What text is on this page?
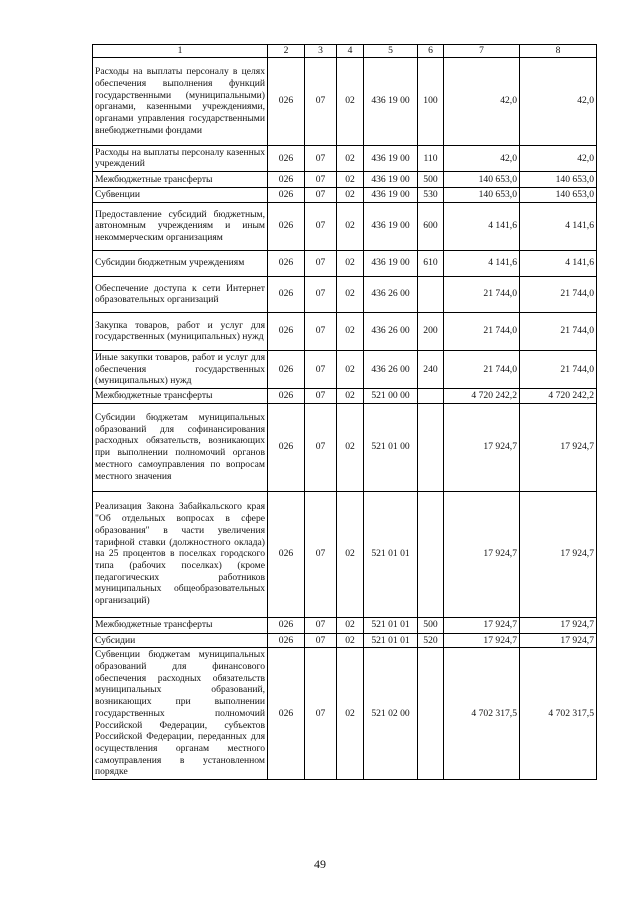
1	2	3	4	5	6	7	8
Расходы на выплаты персоналу в целях обеспечения выполнения функций государственными (муниципальными) органами, казенными учреждениями, органами управления государственными внебюджетными фондами	026	07	02	436 19 00	100	42,0	42,0
Расходы на выплаты персоналу казенных учреждений	026	07	02	436 19 00	110	42,0	42,0
Межбюджетные трансферты	026	07	02	436 19 00	500	140 653,0	140 653,0
Субвенции	026	07	02	436 19 00	530	140 653,0	140 653,0
Предоставление субсидий бюджетным, автономным учреждениям и иным некоммерческим организациям	026	07	02	436 19 00	600	4 141,6	4 141,6
Субсидии бюджетным учреждениям	026	07	02	436 19 00	610	4 141,6	4 141,6
Обеспечение доступа к сети Интернет образовательных организаций	026	07	02	436 26 00		21 744,0	21 744,0
Закупка товаров, работ и услуг для государственных (муниципальных) нужд	026	07	02	436 26 00	200	21 744,0	21 744,0
Иные закупки товаров, работ и услуг для обеспечения государственных (муниципальных) нужд	026	07	02	436 26 00	240	21 744,0	21 744,0
Межбюджетные трансферты	026	07	02	521 00 00		4 720 242,2	4 720 242,2
Субсидии бюджетам муниципальных образований для софинансирования расходных обязательств, возникающих при выполнении полномочий органов местного самоуправления по вопросам местного значения	026	07	02	521 01 00		17 924,7	17 924,7
Реализация Закона Забайкальского края "Об отдельных вопросах в сфере образования" в части увеличения тарифной ставки (должностного оклада) на 25 процентов в поселках городского типа (рабочих поселках) (кроме педагогических работников муниципальных общеобразовательных организаций)	026	07	02	521 01 01		17 924,7	17 924,7
Межбюджетные трансферты	026	07	02	521 01 01	500	17 924,7	17 924,7
Субсидии	026	07	02	521 01 01	520	17 924,7	17 924,7
Субвенции бюджетам муниципальных образований для финансового обеспечения расходных обязательств муниципальных образований, возникающих при выполнении государственных полномочий Российской Федерации, субъектов Российской Федерации, переданных для осуществления органам местного самоуправления в установленном порядке	026	07	02	521 02 00		4 702 317,5	4 702 317,5
49
